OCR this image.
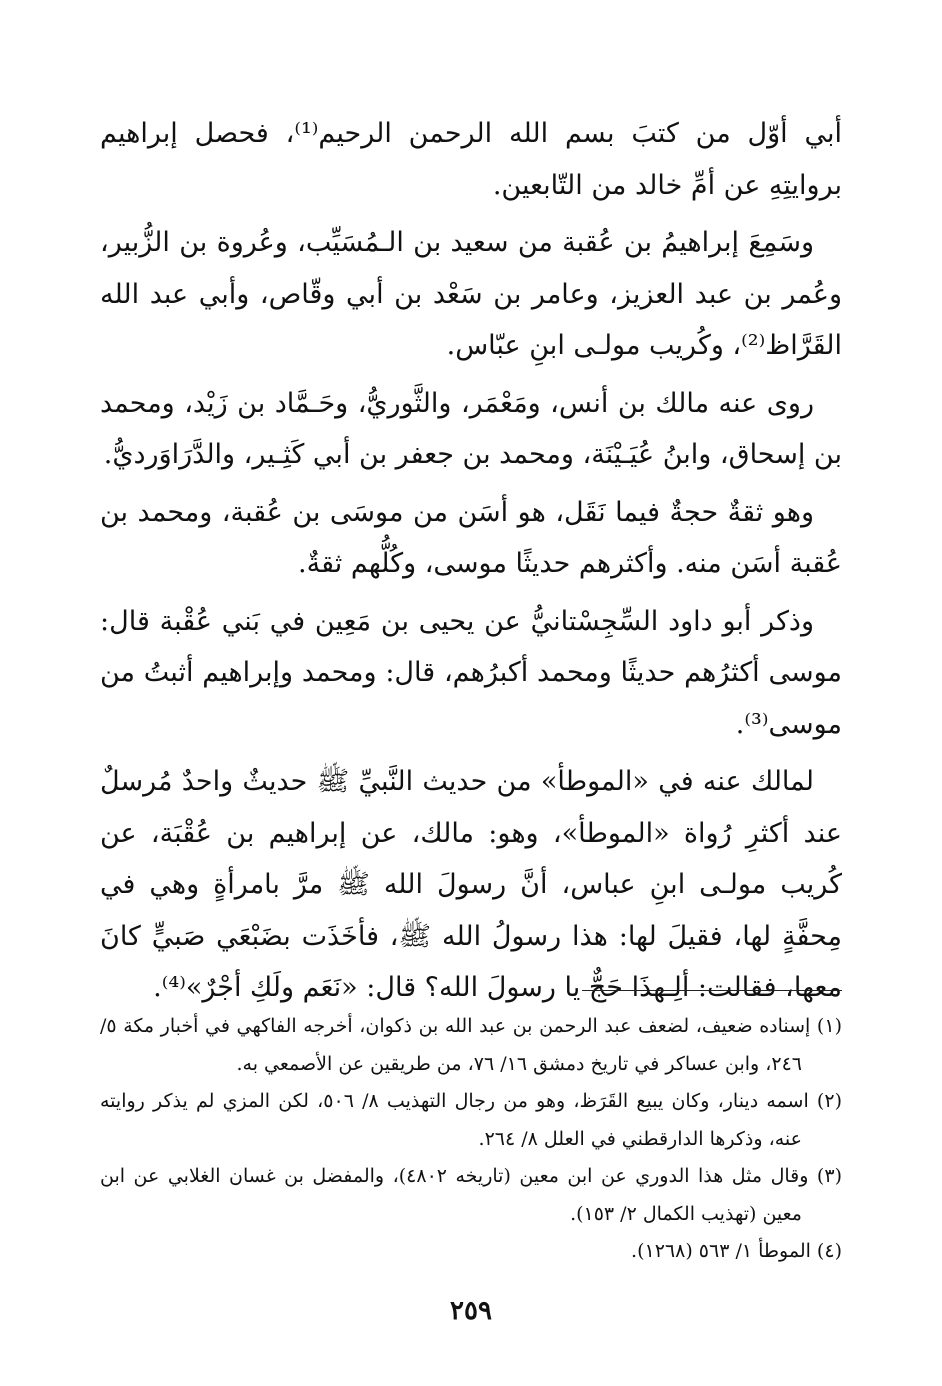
أبي أوّل من كتبَ بسم الله الرحمن الرحيم⁽¹⁾، فحصل إبراهيم بروايتِهِ عن أمِّ خالد من التّابعين.

وسَمِعَ إبراهيمُ بن عُقبة من سعيد بن الـمُسَيِّب، وعُروة بن الزُّبير، وعُمر بن عبد العزيز، وعامر بن سَعْد بن أبي وقّاص، وأبي عبد الله القَرَّاظ⁽²⁾، وكُريب مولـى ابنِ عبّاس.

روى عنه مالك بن أنس، ومَعْمَر، والثَّوريُّ، وحَـمَّاد بن زَيْد، ومحمد بن إسحاق، وابنُ عُيَـيْنَة، ومحمد بن جعفر بن أبي كَثِـير، والدَّرَاوَرديُّ.

وهو ثقةٌ حجةٌ فيما نَقَل، هو أسَن من موسَى بن عُقبة، ومحمد بن عُقبة أسَن منه. وأكثرهم حديثًا موسى، وكُلُّهم ثقةٌ.

وذكر أبو داود السِّجِسْتانيُّ عن يحيى بن مَعِين في بَني عُقْبة قال: موسى أكثرُهم حديثًا ومحمد أكبرُهم، قال: ومحمد وإبراهيم أثبتُ من موسى⁽³⁾.

لمالك عنه في «الموطأ» من حديث النَّبيِّ ﷺ حديثٌ واحدٌ مُرسلٌ عند أكثرِ رُواة «الموطأ»، وهو: مالك، عن إبراهيم بن عُقْبَة، عن كُريب مولـى ابنِ عباس، أنَّ رسولَ الله ﷺ مرَّ بامرأةٍ وهي في مِحفَّةٍ لها، فقيلَ لها: هذا رسولُ الله ﷺ، فأخَذَت بضَبْعَي صَبيٍّ كانَ معها، فقالت: ألِـهذَا حَجٌّ يا رسولَ الله؟ قال: «نَعَم ولَكِ أجْرٌ»⁽⁴⁾.

(١) إسناده ضعيف، لضعف عبد الرحمن بن عبد الله بن ذكوان، أخرجه الفاكهي في أخبار مكة ٥/ ٢٤٦، وابن عساكر في تاريخ دمشق ١٦/ ٧٦، من طريقين عن الأصمعي به.

(٢) اسمه دينار، وكان يبيع القَرَظ، وهو من رجال التهذيب ٨/ ٥٠٦، لكن المزي لم يذكر روايته عنه، وذكرها الدارقطني في العلل ٨/ ٢٦٤.

(٣) وقال مثل هذا الدوري عن ابن معين (تاريخه ٤٨٠٢)، والمفضل بن غسان الغلابي عن ابن معين (تهذيب الكمال ٢/ ١٥٣).

(٤) الموطأ ١/ ٥٦٣ (١٢٦٨).

٢٥٩
